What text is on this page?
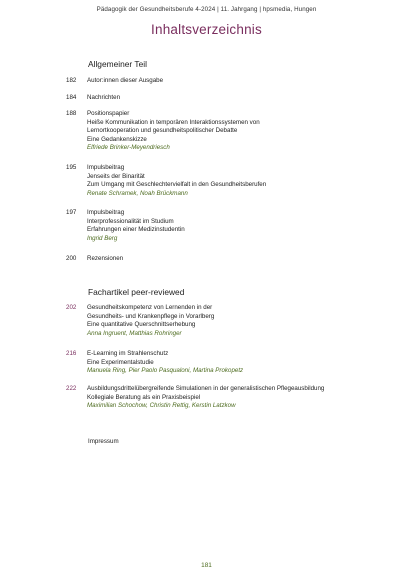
Pädagogik der Gesundheitsberufe 4-2024 | 11. Jahrgang | hpsmedia, Hungen
Inhaltsverzeichnis
Allgemeiner Teil
182	Autor:innen dieser Ausgabe
184	Nachrichten
188	Positionspapier
Heiße Kommunikation in temporären Interaktionssystemen von
Lernortkooperation und gesundheitspolitischer Debatte
Eine Gedankenskizze
Elfriede Brinker-Meyendriesch
195	Impulsbeitrag
Jenseits der Binarität
Zum Umgang mit Geschlechtervielfalt in den Gesundheitsberufen
Renate Schramek, Noah Brückmann
197	Impulsbeitrag
Interprofessionalität im Studium
Erfahrungen einer Medizinstudentin
Ingrid Berg
200	Rezensionen
Fachartikel peer-reviewed
202	Gesundheitskompetenz von Lernenden in der
Gesundheits- und Krankenpflege in Vorarlberg
Eine quantitative Querschnittserhebung
Anna Ingruent, Matthias Rohringer
216	E-Learning im Strahlenschutz
Eine Experimentalstudie
Manuela Ring, Pier Paolo Pasqualoni, Martina Prokopetz
222	Ausbildungsdrittelübergreifende Simulationen in der generalistischen Pflegeausbildung
Kollegiale Beratung als ein Praxisbeispiel
Maximilian Schochow, Christin Rettig, Kerstin Latzkow
Impressum
181
